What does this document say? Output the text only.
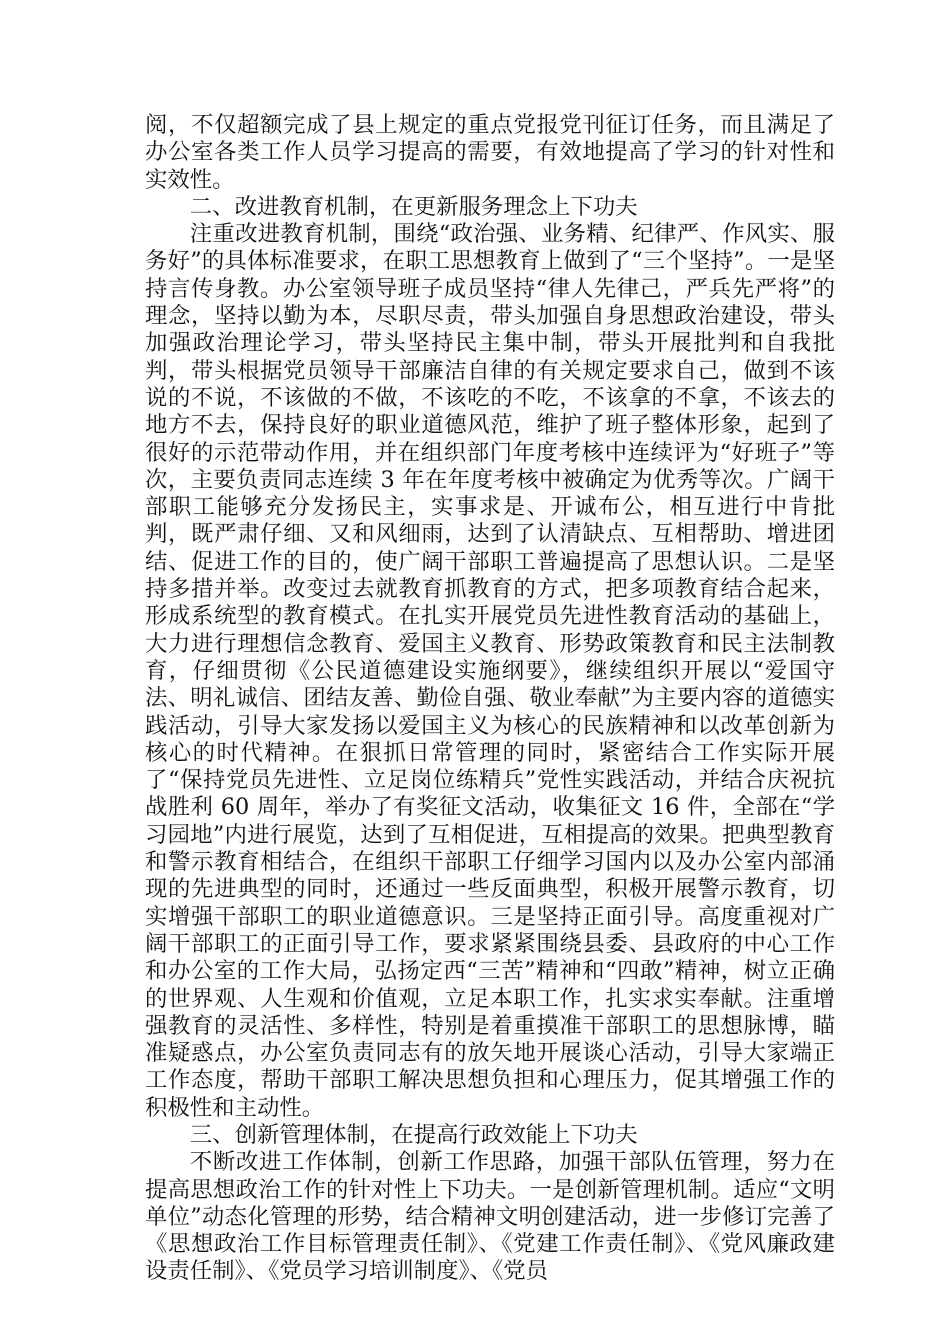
阅，不仅超额完成了县上规定的重点党报党刊征订任务，而且满足了办公室各类工作人员学习提高的需要，有效地提高了学习的针对性和实效性。

二、改进教育机制，在更新服务理念上下功夫

注重改进教育机制，围绕“政治强、业务精、纪律严、作风实、服务好”的具体标准要求，在职工思想教育上做到了“三个坚持”。一是坚持言传身教。办公室领导班子成员坚持“律人先律己，严兵先严将”的理念，坚持以勤为本，尽职尽责，带头加强自身思想政治建设，带头加强政治理论学习，带头坚持民主集中制，带头开展批判和自我批判，带头根据党员领导干部廉洁自律的有关规定要求自己，做到不该说的不说，不该做的不做，不该吃的不吃，不该拿的不拿，不该去的地方不去，保持良好的职业道德风范，维护了班子整体形象，起到了很好的示范带动作用，并在组织部门年度考核中连续评为“好班子”等次，主要负责同志连续 3 年在年度考核中被确定为优秀等次。广阔干部职工能够充分发扬民主，实事求是、开诚布公，相互进行中肯批判，既严肃仔细、又和风细雨，达到了认清缺点、互相帮助、增进团结、促进工作的目的，使广阔干部职工普遍提高了思想认识。二是坚持多措并举。改变过去就教育抓教育的方式，把多项教育结合起来，形成系统型的教育模式。在扎实开展党员先进性教育活动的基础上，大力进行理想信念教育、爱国主义教育、形势政策教育和民主法制教育，仔细贯彻《公民道德建设实施纲要》，继续组织开展以“爱国守法、明礼诚信、团结友善、勤俭自强、敬业奉献”为主要内容的道德实践活动，引导大家发扬以爱国主义为核心的民族精神和以改革创新为核心的时代精神。在狠抓日常管理的同时，紧密结合工作实际开展了“保持党员先进性、立足岗位练精兵”党性实践活动，并结合庆祝抗战胜利 60 周年，举办了有奖征文活动，收集征文 16 件，全部在“学习园地”内进行展览，达到了互相促进，互相提高的效果。把典型教育和警示教育相结合，在组织干部职工仔细学习国内以及办公室内部涌现的先进典型的同时，还通过一些反面典型，积极开展警示教育，切实增强干部职工的职业道德意识。三是坚持正面引导。高度重视对广阔干部职工的正面引导工作，要求紧紧围绕县委、县政府的中心工作和办公室的工作大局，弘扬定西“三苦”精神和“四敢”精神，树立正确的世界观、人生观和价值观，立足本职工作，扎实求实奉献。注重增强教育的灵活性、多样性，特别是着重摸准干部职工的思想脉博，瞄准疑惑点，办公室负责同志有的放矢地开展谈心活动，引导大家端正工作态度，帮助干部职工解决思想负担和心理压力，促其增强工作的积极性和主动性。

三、创新管理体制，在提高行政效能上下功夫

不断改进工作体制，创新工作思路，加强干部队伍管理，努力在提高思想政治工作的针对性上下功夫。一是创新管理机制。适应“文明单位”动态化管理的形势，结合精神文明创建活动，进一步修订完善了《思想政治工作目标管理责任制》、《党建工作责任制》、《党风廉政建设责任制》、《党员学习培训制度》、《党员
